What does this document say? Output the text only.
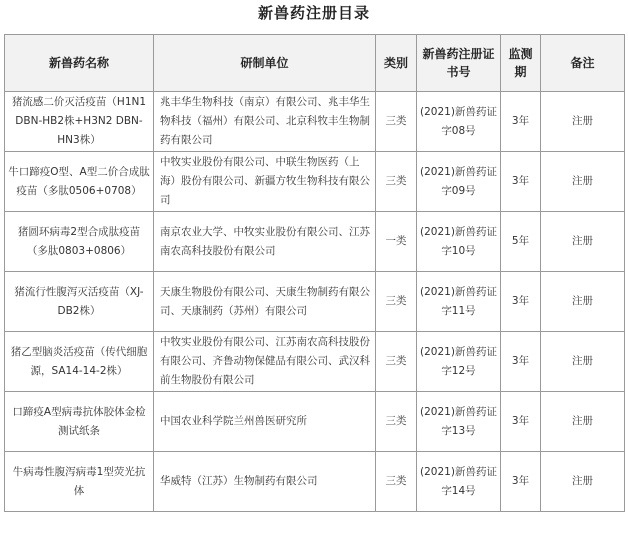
新兽药注册目录
新兽药名称	研制单位	类别	新兽药注册证书号	监测期	备注
猪流感二价灭活疫苗（H1N1 DBN-HB2株+H3N2 DBN-HN3株）	兆丰华生物科技（南京）有限公司、兆丰华生物科技（福州）有限公司、北京科牧丰生物制药有限公司	三类	(2021)新兽药证字08号	3年	注册
牛口蹄疫O型、A型二价合成肽疫苗（多肽0506+0708）	中牧实业股份有限公司、中联生物医药（上海）股份有限公司、新疆方牧生物科技有限公司	三类	(2021)新兽药证字09号	3年	注册
猪圆环病毒2型合成肽疫苗（多肽0803+0806）	南京农业大学、中牧实业股份有限公司、江苏南农高科技股份有限公司	一类	(2021)新兽药证字10号	5年	注册
猪流行性腹泻灭活疫苗（XJ-DB2株）	天康生物股份有限公司、天康生物制药有限公司、天康制药（苏州）有限公司	三类	(2021)新兽药证字11号	3年	注册
猪乙型脑炎活疫苗（传代细胞源，SA14-14-2株）	中牧实业股份有限公司、江苏南农高科技股份有限公司、齐鲁动物保健品有限公司、武汉科前生物股份有限公司	三类	(2021)新兽药证字12号	3年	注册
口蹄疫A型病毒抗体胶体金检测试纸条	中国农业科学院兰州兽医研究所	三类	(2021)新兽药证字13号	3年	注册
牛病毒性腹泻病毒1型荧光抗体	华威特（江苏）生物制药有限公司	三类	(2021)新兽药证字14号	3年	注册
